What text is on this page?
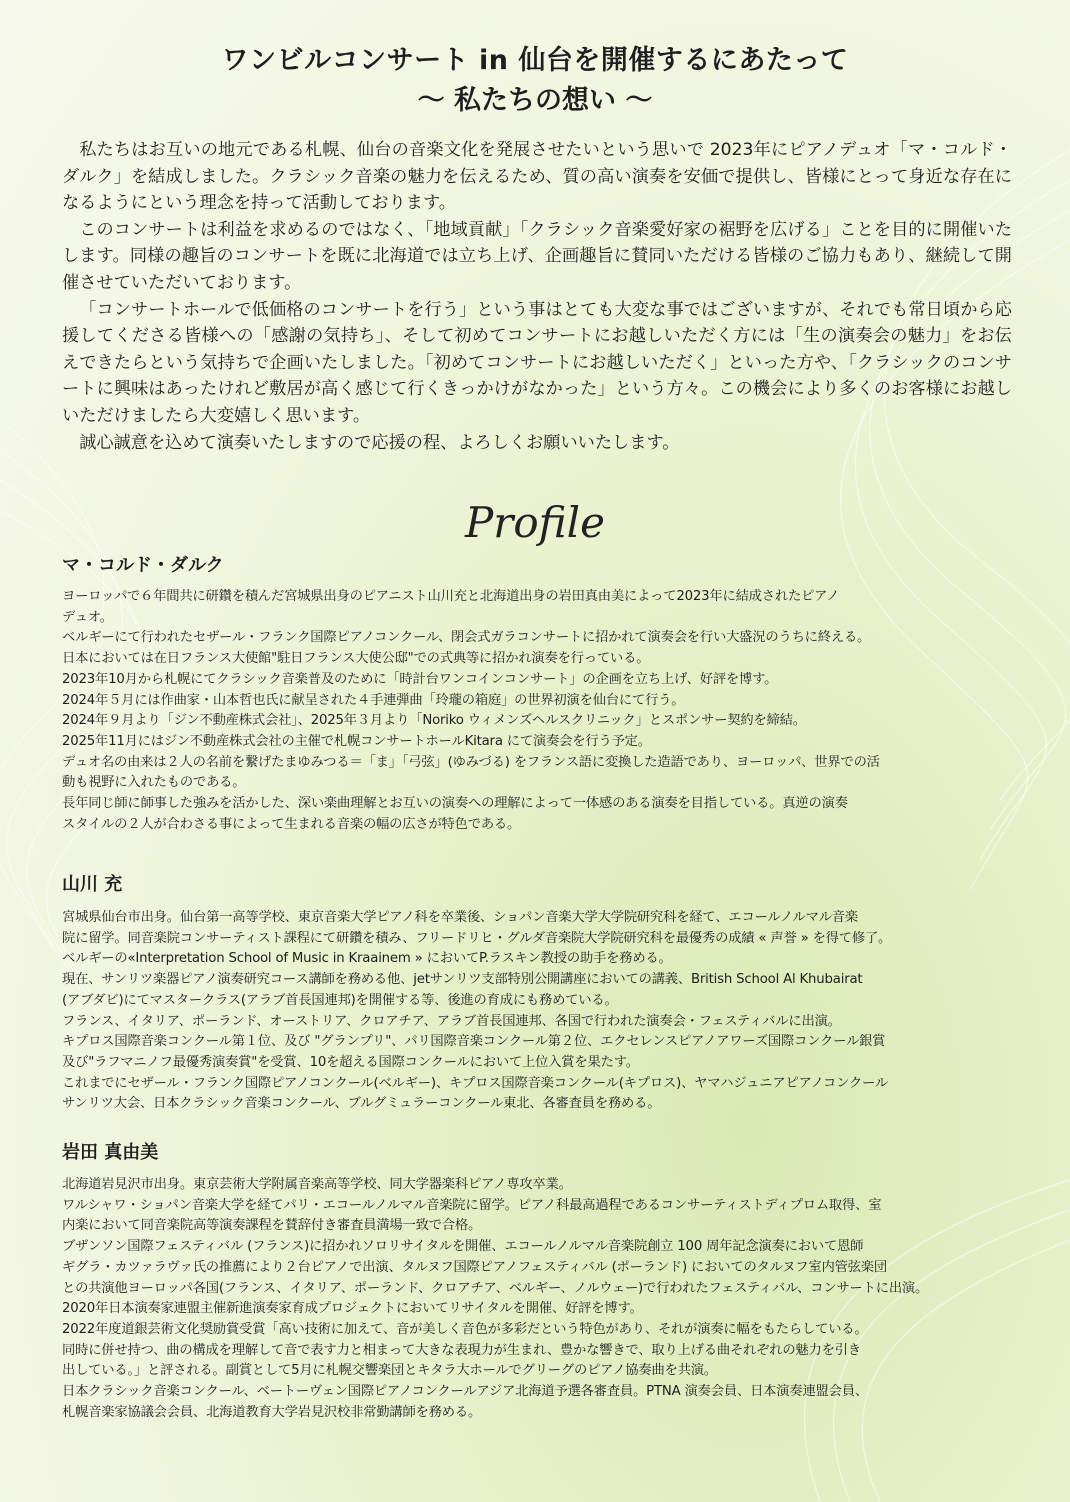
ワンビルコンサート in 仙台を開催するにあたって
〜 私たちの想い 〜

私たちはお互いの地元である札幌、仙台の音楽文化を発展させたいという思いで 2023年にピアノデュオ「マ・コルド・ダルク」を結成しました。クラシック音楽の魅力を伝えるため、質の高い演奏を安価で提供し、皆様にとって身近な存在になるようにという理念を持って活動しております。

このコンサートは利益を求めるのではなく、「地域貢献」「クラシック音楽愛好家の裾野を広げる」ことを目的に開催いたします。同様の趣旨のコンサートを既に北海道では立ち上げ、企画趣旨に賛同いただける皆様のご協力もあり、継続して開催させていただいております。

「コンサートホールで低価格のコンサートを行う」という事はとても大変な事ではございますが、それでも常日頃から応援してくださる皆様への「感謝の気持ち」、そして初めてコンサートにお越しいただく方には「生の演奏会の魅力」をお伝えできたらという気持ちで企画いたしました。「初めてコンサートにお越しいただく」といった方や、「クラシックのコンサートに興味はあったけれど敷居が高く感じて行くきっかけがなかった」という方々。この機会により多くのお客様にお越しいただけましたら大変嬉しく思います。

誠心誠意を込めて演奏いたしますので応援の程、よろしくお願いいたします。

Profile
マ・コルド・ダルク
ヨーロッパで６年間共に研鑽を積んだ宮城県出身のピアニスト山川充と北海道出身の岩田真由美によって2023年に結成されたピアノ
デュオ。
ベルギーにて行われたセザール・フランク国際ピアノコンクール、閉会式ガラコンサートに招かれて演奏会を行い大盛況のうちに終える。
日本においては在日フランス大使館"駐日フランス大使公邸"での式典等に招かれ演奏を行っている。
2023年10月から札幌にてクラシック音楽普及のために「時計台ワンコインコンサート」の企画を立ち上げ、好評を博す。
2024年５月には作曲家・山本哲也氏に献呈された４手連弾曲「玲瓏の箱庭」の世界初演を仙台にて行う。
2024年９月より「ジン不動産株式会社」、2025年３月より「Noriko ウィメンズヘルスクリニック」とスポンサー契約を締結。
2025年11月にはジン不動産株式会社の主催で札幌コンサートホールKitara にて演奏会を行う予定。
デュオ名の由来は２人の名前を繋げたまゆみつる＝「ま」「弓弦」(ゆみづる) をフランス語に変換した造語であり、ヨーロッパ、世界での活
動も視野に入れたものである。
長年同じ師に師事した強みを活かした、深い楽曲理解とお互いの演奏への理解によって一体感のある演奏を目指している。真逆の演奏
スタイルの２人が合わさる事によって生まれる音楽の幅の広さが特色である。
山川 充
宮城県仙台市出身。仙台第一高等学校、東京音楽大学ピアノ科を卒業後、ショパン音楽大学大学院研究科を経て、エコールノルマル音楽
院に留学。同音楽院コンサーティスト課程にて研鑽を積み、フリードリヒ・グルダ音楽院大学院研究科を最優秀の成績 « 声誉 » を得て修了。
ベルギーの«Interpretation School of Music in Kraainem » においてP.ラスキン教授の助手を務める。
現在、サンリツ楽器ピアノ演奏研究コース講師を務める他、jetサンリツ支部特別公開講座においての講義、British School Al Khubairat
(アブダビ)にてマスタークラス(アラブ首長国連邦)を開催する等、後進の育成にも務めている。
フランス、イタリア、ポーランド、オーストリア、クロアチア、アラブ首長国連邦、各国で行われた演奏会・フェスティバルに出演。
キプロス国際音楽コンクール第１位、及び "グランプリ"、パリ国際音楽コンクール第２位、エクセレンスピアノアワーズ国際コンクール銀賞
及び"ラフマニノフ最優秀演奏賞"を受賞、10を超える国際コンクールにおいて上位入賞を果たす。
これまでにセザール・フランク国際ピアノコンクール(ベルギー)、キプロス国際音楽コンクール(キプロス)、ヤマハジュニアピアノコンクール
サンリツ大会、日本クラシック音楽コンクール、ブルグミュラーコンクール東北、各審査員を務める。
岩田 真由美
北海道岩見沢市出身。東京芸術大学附属音楽高等学校、同大学器楽科ピアノ専攻卒業。
ワルシャワ・ショパン音楽大学を経てパリ・エコールノルマル音楽院に留学。ピアノ科最高過程であるコンサーティストディプロム取得、室
内楽において同音楽院高等演奏課程を賛辞付き審査員満場一致で合格。
ブザンソン国際フェスティバル (フランス)に招かれソロリサイタルを開催、エコールノルマル音楽院創立 100 周年記念演奏において恩師
ギグラ・カツァラヴァ氏の推薦により２台ピアノで出演、タルヌフ国際ピアノフェスティバル (ポーランド) においてのタルヌフ室内管弦楽団
との共演他ヨーロッパ各国(フランス、イタリア、ポーランド、クロアチア、ベルギー、ノルウェー)で行われたフェスティバル、コンサートに出演。
2020年日本演奏家連盟主催新進演奏家育成プロジェクトにおいてリサイタルを開催、好評を博す。
2022年度道銀芸術文化奨励賞受賞「高い技術に加えて、音が美しく音色が多彩だという特色があり、それが演奏に幅をもたらしている。
同時に併せ持つ、曲の構成を理解して音で表す力と相まって大きな表現力が生まれ、豊かな響きで、取り上げる曲それぞれの魅力を引き
出している。」と評される。副賞として5月に札幌交響楽団とキタラ大ホールでグリーグのピアノ協奏曲を共演。
日本クラシック音楽コンクール、ベートーヴェン国際ピアノコンクールアジア北海道予選各審査員。PTNA 演奏会員、日本演奏連盟会員、
札幌音楽家協議会会員、北海道教育大学岩見沢校非常勤講師を務める。
